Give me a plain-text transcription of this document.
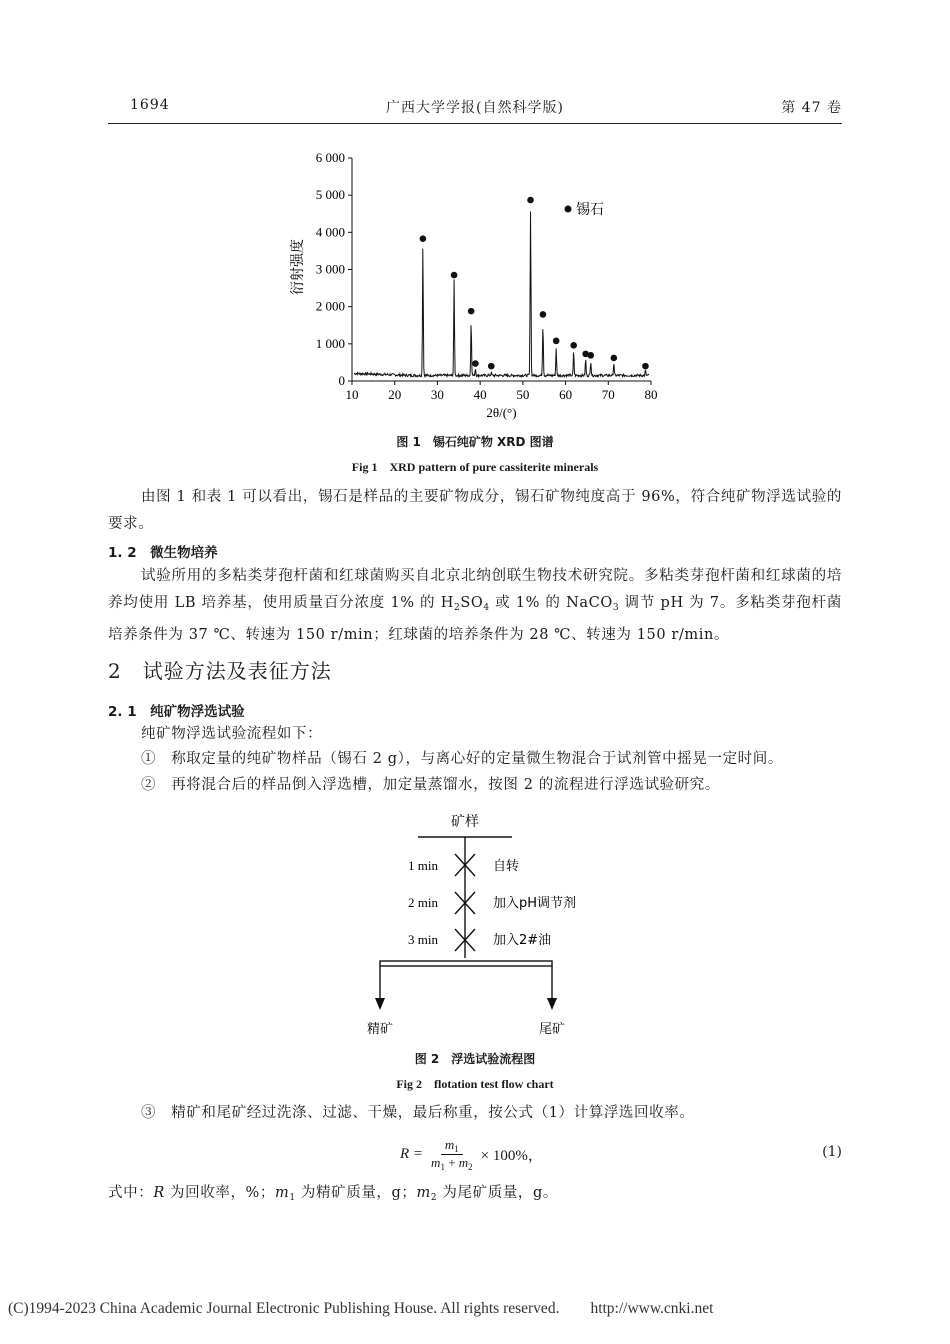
1694	广西大学学报(自然科学版)	第 47 卷
10 20 30 40 50 60 70 80
0
1 000
2 000
3 000
4 000
5 000
6 000
锡石
2θ/(°)
衍射强度
图 1　锡石纯矿物 XRD 图谱
Fig 1　XRD pattern of pure cassiterite minerals
由图 1 和表 1 可以看出，锡石是样品的主要矿物成分，锡石矿物纯度高于 96%，符合纯矿物浮选试验的要求。
1. 2　 微生物培养
试验所用的多粘类芽孢杆菌和红球菌购买自北京北纳创联生物技术研究院。多粘类芽孢杆菌和红球菌的培养均使用 LB 培养基，使用质量百分浓度 1% 的 $H_2SO_4$ 或 1% 的 NaCO$_3$ 调节 pH 为 7。多粘类芽孢杆菌培养条件为 37 ℃、转速为 150 r/min；红球菌的培养条件为 28 ℃、转速为 150 r/min。
2　 试验方法及表征方法
2. 1　 纯矿物浮选试验
纯矿物浮选试验流程如下：
①　称取定量的纯矿物样品（锡石 2 g），与离心好的定量微生物混合于试剂管中摇晃一定时间。
②　再将混合后的样品倒入浮选槽，加定量蒸馏水，按图 2 的流程进行浮选试验研究。
矿样
1 min	自转
2 min	加入pH调节剂
3 min	加入2#油
精矿	尾矿
图 2　浮选试验流程图
Fig 2　flotation test flow chart
③　精矿和尾矿经过洗涤、过滤、干燥，最后称重，按公式（1）计算浮选回收率。
$R = \frac{m_1}{m_1 + m_2} \times 100\%$，	(1)
式中：R 为回收率，%；$m_1$ 为精矿质量，g；$m_2$ 为尾矿质量，g。
(C)1994-2023 China Academic Journal Electronic Publishing House. All rights reserved.　　http://www.cnki.net
